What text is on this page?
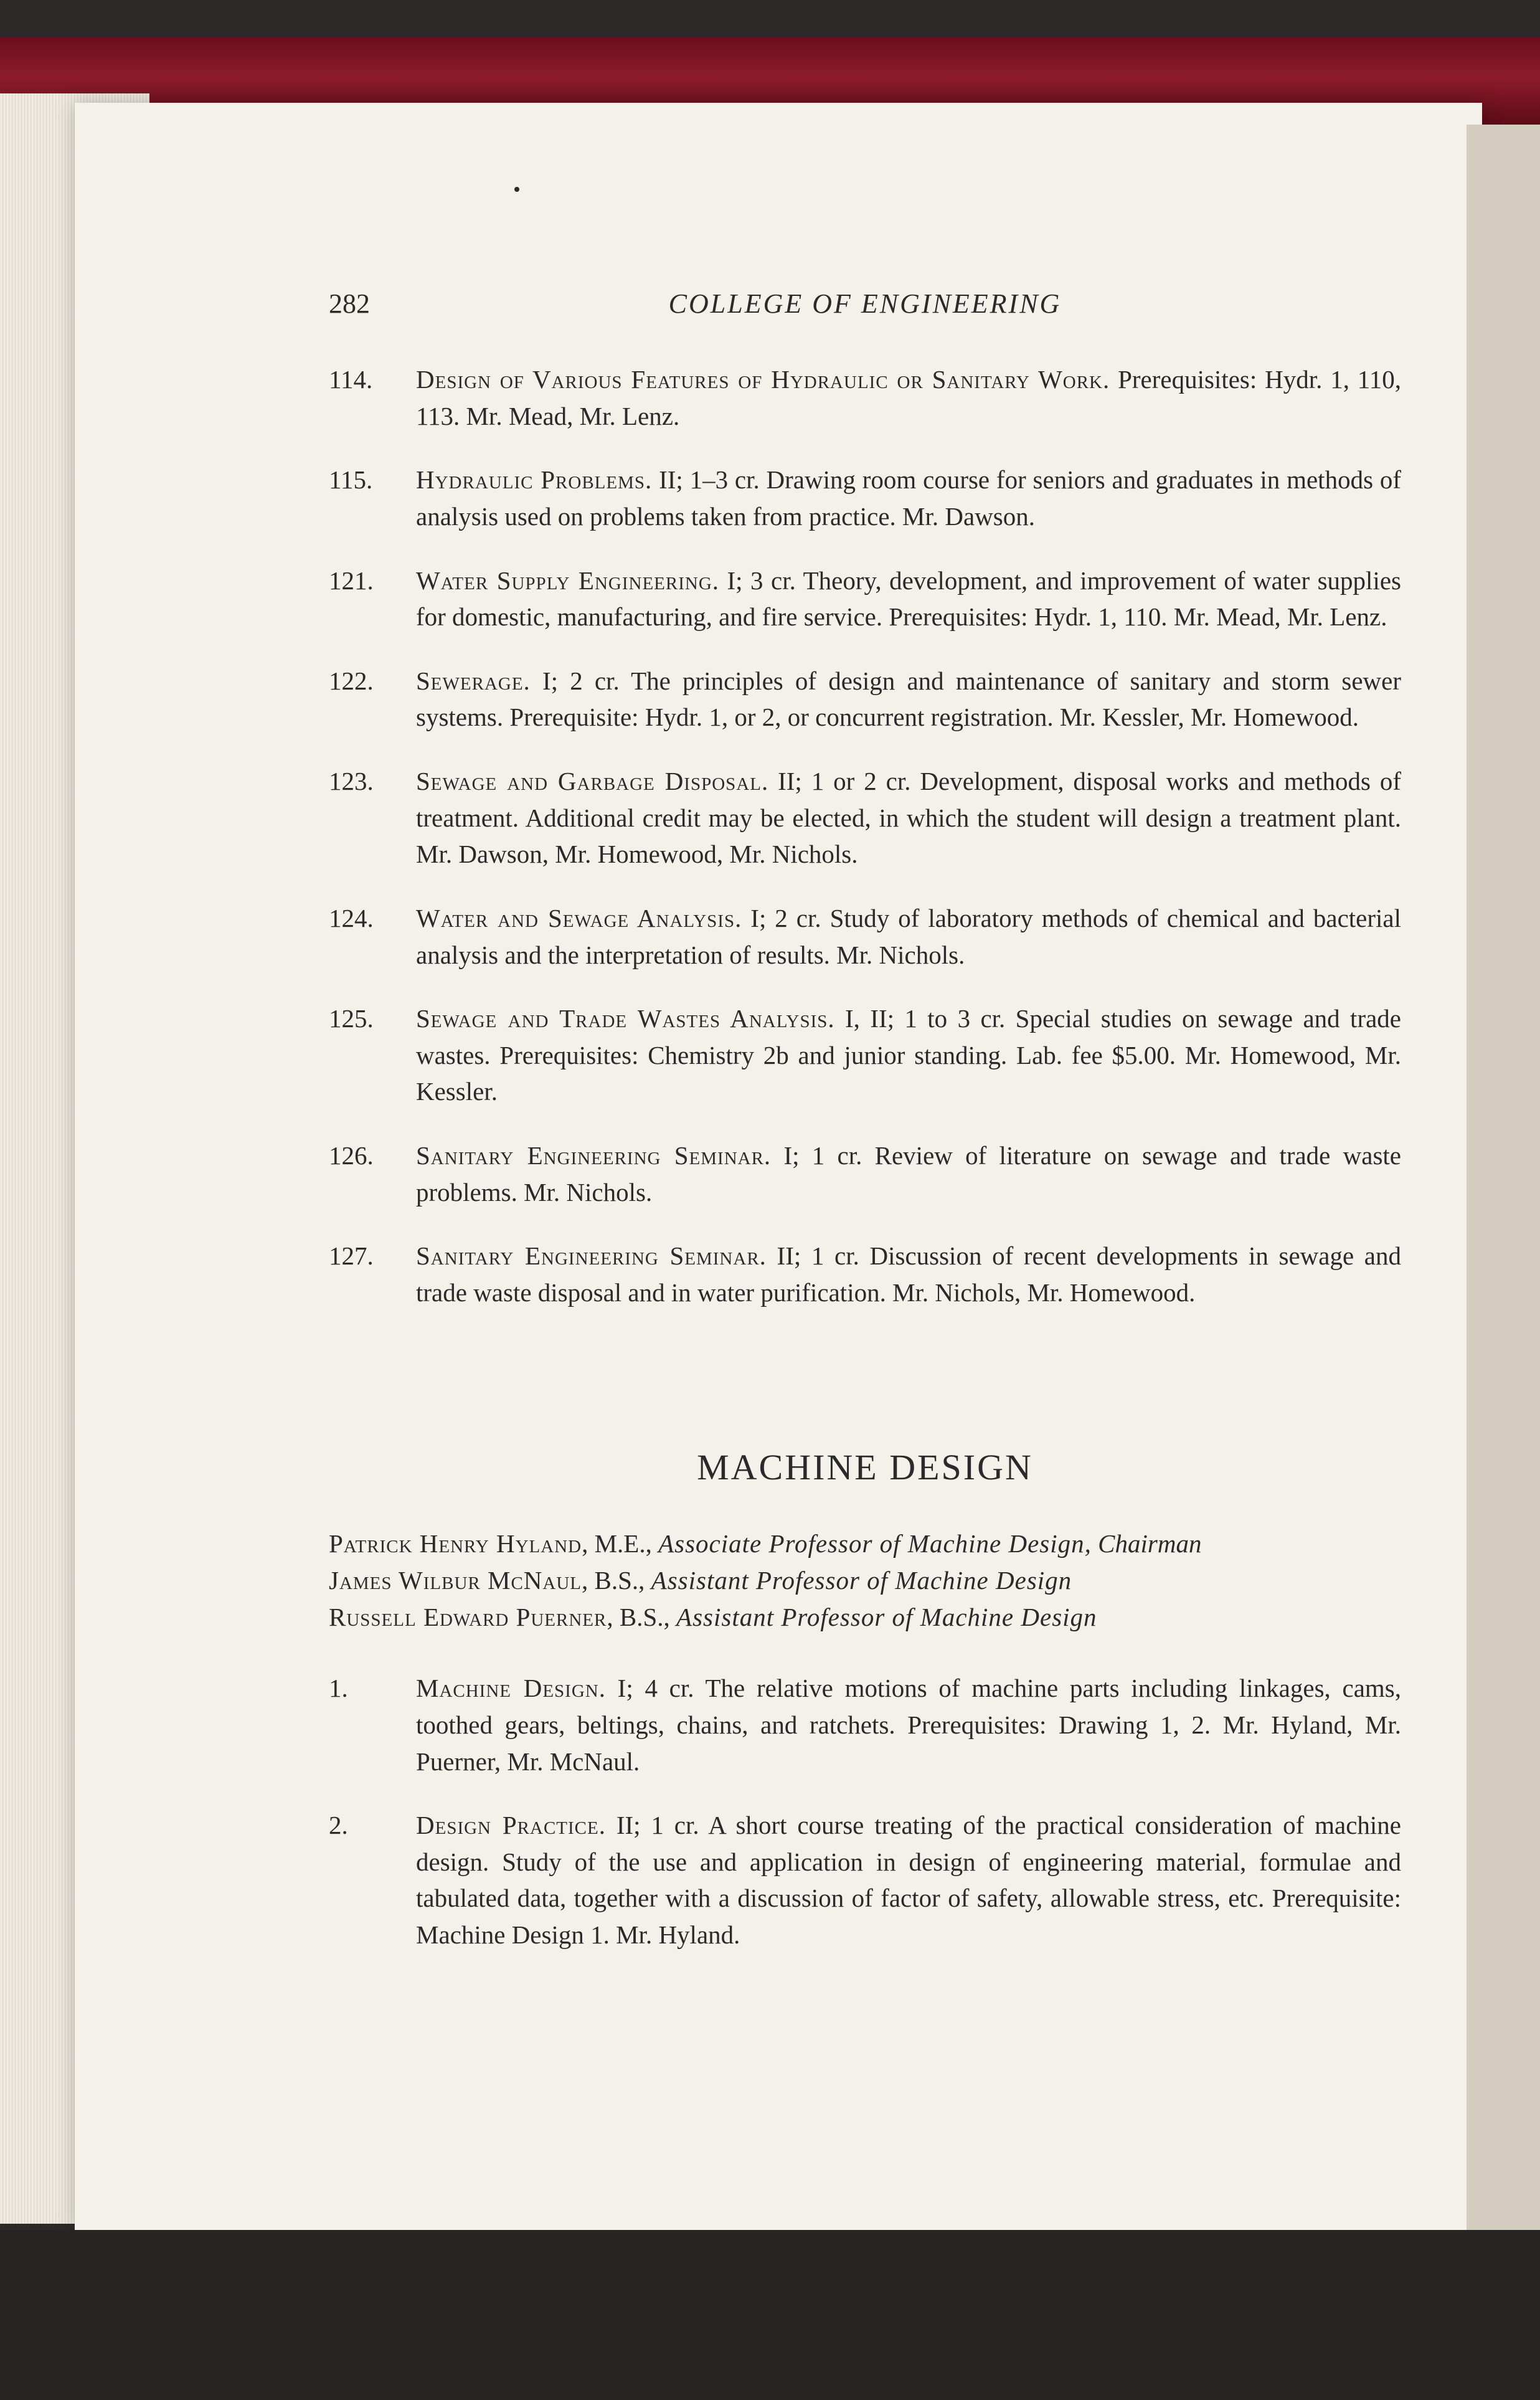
282	COLLEGE OF ENGINEERING
114. Design of Various Features of Hydraulic or Sanitary Work. Prerequisites: Hydr. 1, 110, 113. Mr. Mead, Mr. Lenz.
115. Hydraulic Problems. II; 1–3 cr. Drawing room course for seniors and graduates in methods of analysis used on problems taken from practice. Mr. Dawson.
121. Water Supply Engineering. I; 3 cr. Theory, development, and improvement of water supplies for domestic, manufacturing, and fire service. Prerequisites: Hydr. 1, 110. Mr. Mead, Mr. Lenz.
122. Sewerage. I; 2 cr. The principles of design and maintenance of sanitary and storm sewer systems. Prerequisite: Hydr. 1, or 2, or concurrent registration. Mr. Kessler, Mr. Homewood.
123. Sewage and Garbage Disposal. II; 1 or 2 cr. Development, disposal works and methods of treatment. Additional credit may be elected, in which the student will design a treatment plant. Mr. Dawson, Mr. Homewood, Mr. Nichols.
124. Water and Sewage Analysis. I; 2 cr. Study of laboratory methods of chemical and bacterial analysis and the interpretation of results. Mr. Nichols.
125. Sewage and Trade Wastes Analysis. I, II; 1 to 3 cr. Special studies on sewage and trade wastes. Prerequisites: Chemistry 2b and junior standing. Lab. fee $5.00. Mr. Homewood, Mr. Kessler.
126. Sanitary Engineering Seminar. I; 1 cr. Review of literature on sewage and trade waste problems. Mr. Nichols.
127. Sanitary Engineering Seminar. II; 1 cr. Discussion of recent developments in sewage and trade waste disposal and in water purification. Mr. Nichols, Mr. Homewood.
MACHINE DESIGN
Patrick Henry Hyland, M.E., Associate Professor of Machine Design, Chairman
James Wilbur McNaul, B.S., Assistant Professor of Machine Design
Russell Edward Puerner, B.S., Assistant Professor of Machine Design
1.	Machine Design. I; 4 cr. The relative motions of machine parts including linkages, cams, toothed gears, beltings, chains, and ratchets. Prerequisites: Drawing 1, 2. Mr. Hyland, Mr. Puerner, Mr. McNaul.
2.	Design Practice. II; 1 cr. A short course treating of the practical consideration of machine design. Study of the use and application in design of engineering material, formulae and tabulated data, together with a discussion of factor of safety, allowable stress, etc. Prerequisite: Machine Design 1. Mr. Hyland.
